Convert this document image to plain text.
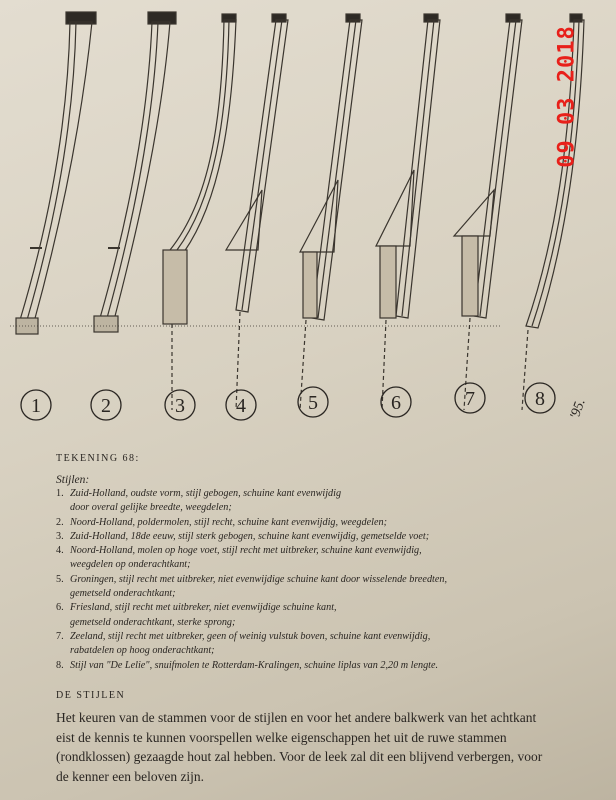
1	2	3	4	5	6	7	8 '95.
09 03 2018
TEKENING 68:
Stijlen:
1. Zuid-Holland, oudste vorm, stijl gebogen, schuine kant evenwijdig
door overal gelijke breedte, weegdelen;
2. Noord-Holland, poldermolen, stijl recht, schuine kant evenwijdig, weegdelen;
3. Zuid-Holland, 18de eeuw, stijl sterk gebogen, schuine kant evenwijdig, gemetselde voet;
4. Noord-Holland, molen op hoge voet, stijl recht met uitbreker, schuine kant evenwijdig,
weegdelen op onderachtkant;
5. Groningen, stijl recht met uitbreker, niet evenwijdige schuine kant door wisselende breedten,
gemetseld onderachtkant;
6. Friesland, stijl recht met uitbreker, niet evenwijdige schuine kant,
gemetseld onderachtkant, sterke sprong;
7. Zeeland, stijl recht met uitbreker, geen of weinig vulstuk boven, schuine kant evenwijdig,
rabatdelen op hoog onderachtkant;
8. Stijl van "De Lelie", snuifmolen te Rotterdam-Kralingen, schuine liplas van 2,20 m lengte.
DE STIJLEN
Het keuren van de stammen voor de stijlen en voor het andere balkwerk van het achtkant eist de kennis te kunnen voorspellen welke eigenschappen het uit de ruwe stammen (rondklossen) gezaagde hout zal hebben. Voor de leek zal dit een blijvend verbergen, voor de kenner een beloven zijn.
